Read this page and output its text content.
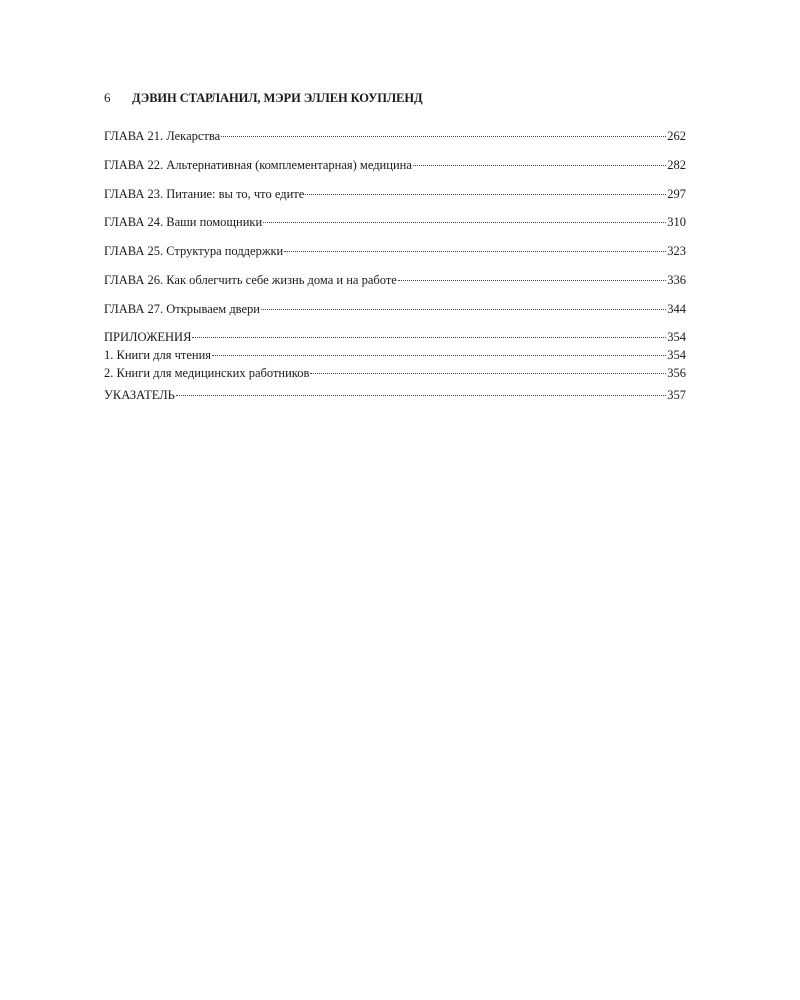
6 ДЭВИН СТАРЛАНИЛ, МЭРИ ЭЛЛЕН КОУПЛЕНД
ГЛАВА 21. Лекарства	262
ГЛАВА 22. Альтернативная (комплементарная) медицина	282
ГЛАВА 23. Питание: вы то, что едите	297
ГЛАВА 24. Ваши помощники	310
ГЛАВА 25. Структура поддержки	323
ГЛАВА 26. Как облегчить себе жизнь дома и на работе	336
ГЛАВА 27. Открываем двери	344
ПРИЛОЖЕНИЯ	354
1. Книги для чтения	354
2. Книги для медицинских работников	356
УКАЗАТЕЛЬ	357
